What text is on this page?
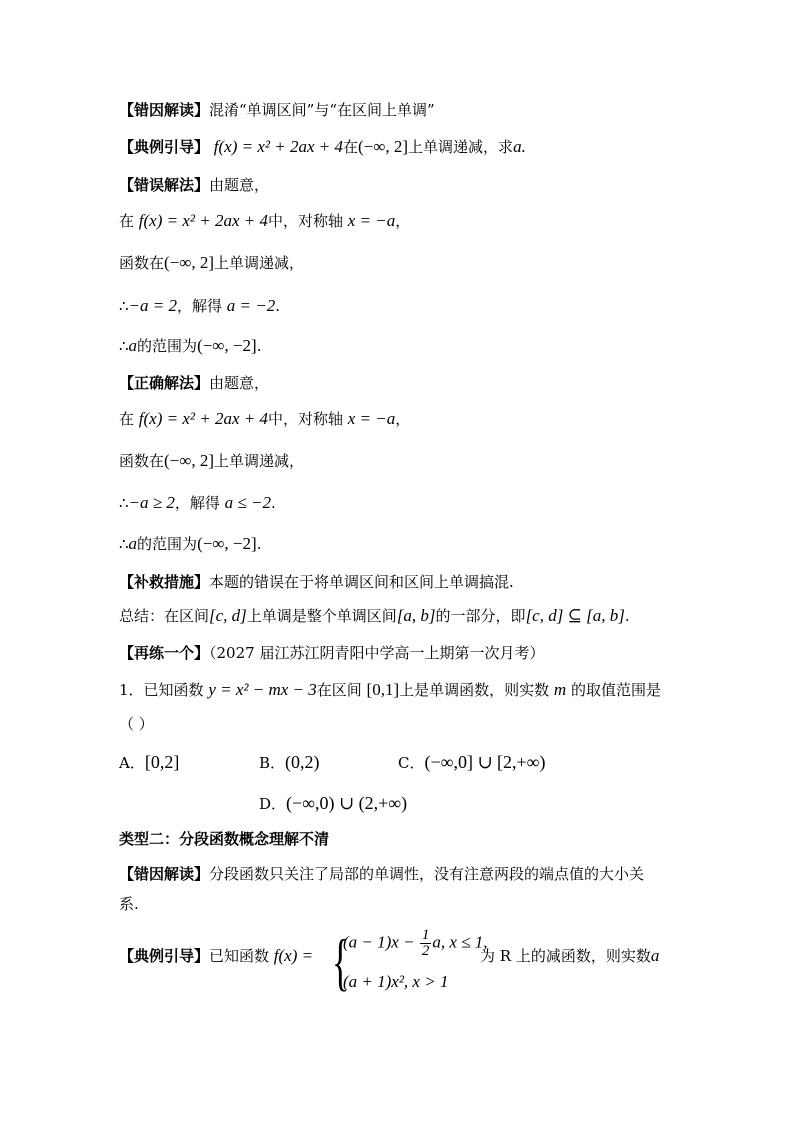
【错因解读】混淆“单调区间”与“在区间上单调”
【典例引导】 f(x) = x² + 2ax + 4在(−∞, 2]上单调递减，求a.
【错误解法】由题意，
在 f(x) = x² + 2ax + 4中，对称轴 x = −a，
函数在(−∞, 2]上单调递减，
∴−a = 2，解得 a = −2.
∴a的范围为(−∞, −2].
【正确解法】由题意，
在 f(x) = x² + 2ax + 4中，对称轴 x = −a，
函数在(−∞, 2]上单调递减，
∴−a ≥ 2，解得 a ≤ −2.
∴a的范围为(−∞, −2].
【补救措施】本题的错误在于将单调区间和区间上单调搞混.
总结：在区间[c, d]上单调是整个单调区间[a, b]的一部分，即[c, d] ⊆ [a, b].
【再练一个】（2027 届江苏江阴青阳中学高一上期第一次月考）
1．已知函数 y = x² − mx − 3在区间 [0,1]上是单调函数，则实数 m 的取值范围是
（ ）
A．[0,2]	B．(0,2)	C．(−∞,0] ∪ [2,+∞)
D．(−∞,0) ∪ (2,+∞)
类型二：分段函数概念理解不清
【错因解读】分段函数只关注了局部的单调性，没有注意两段的端点值的大小关
系.
【典例引导】已知函数 f(x) = {
$(a - 1)x - \frac{1}{2} a$, x ≤ 1,
(a + 1)x², x > 1
为 R 上的减函数，则实数a
